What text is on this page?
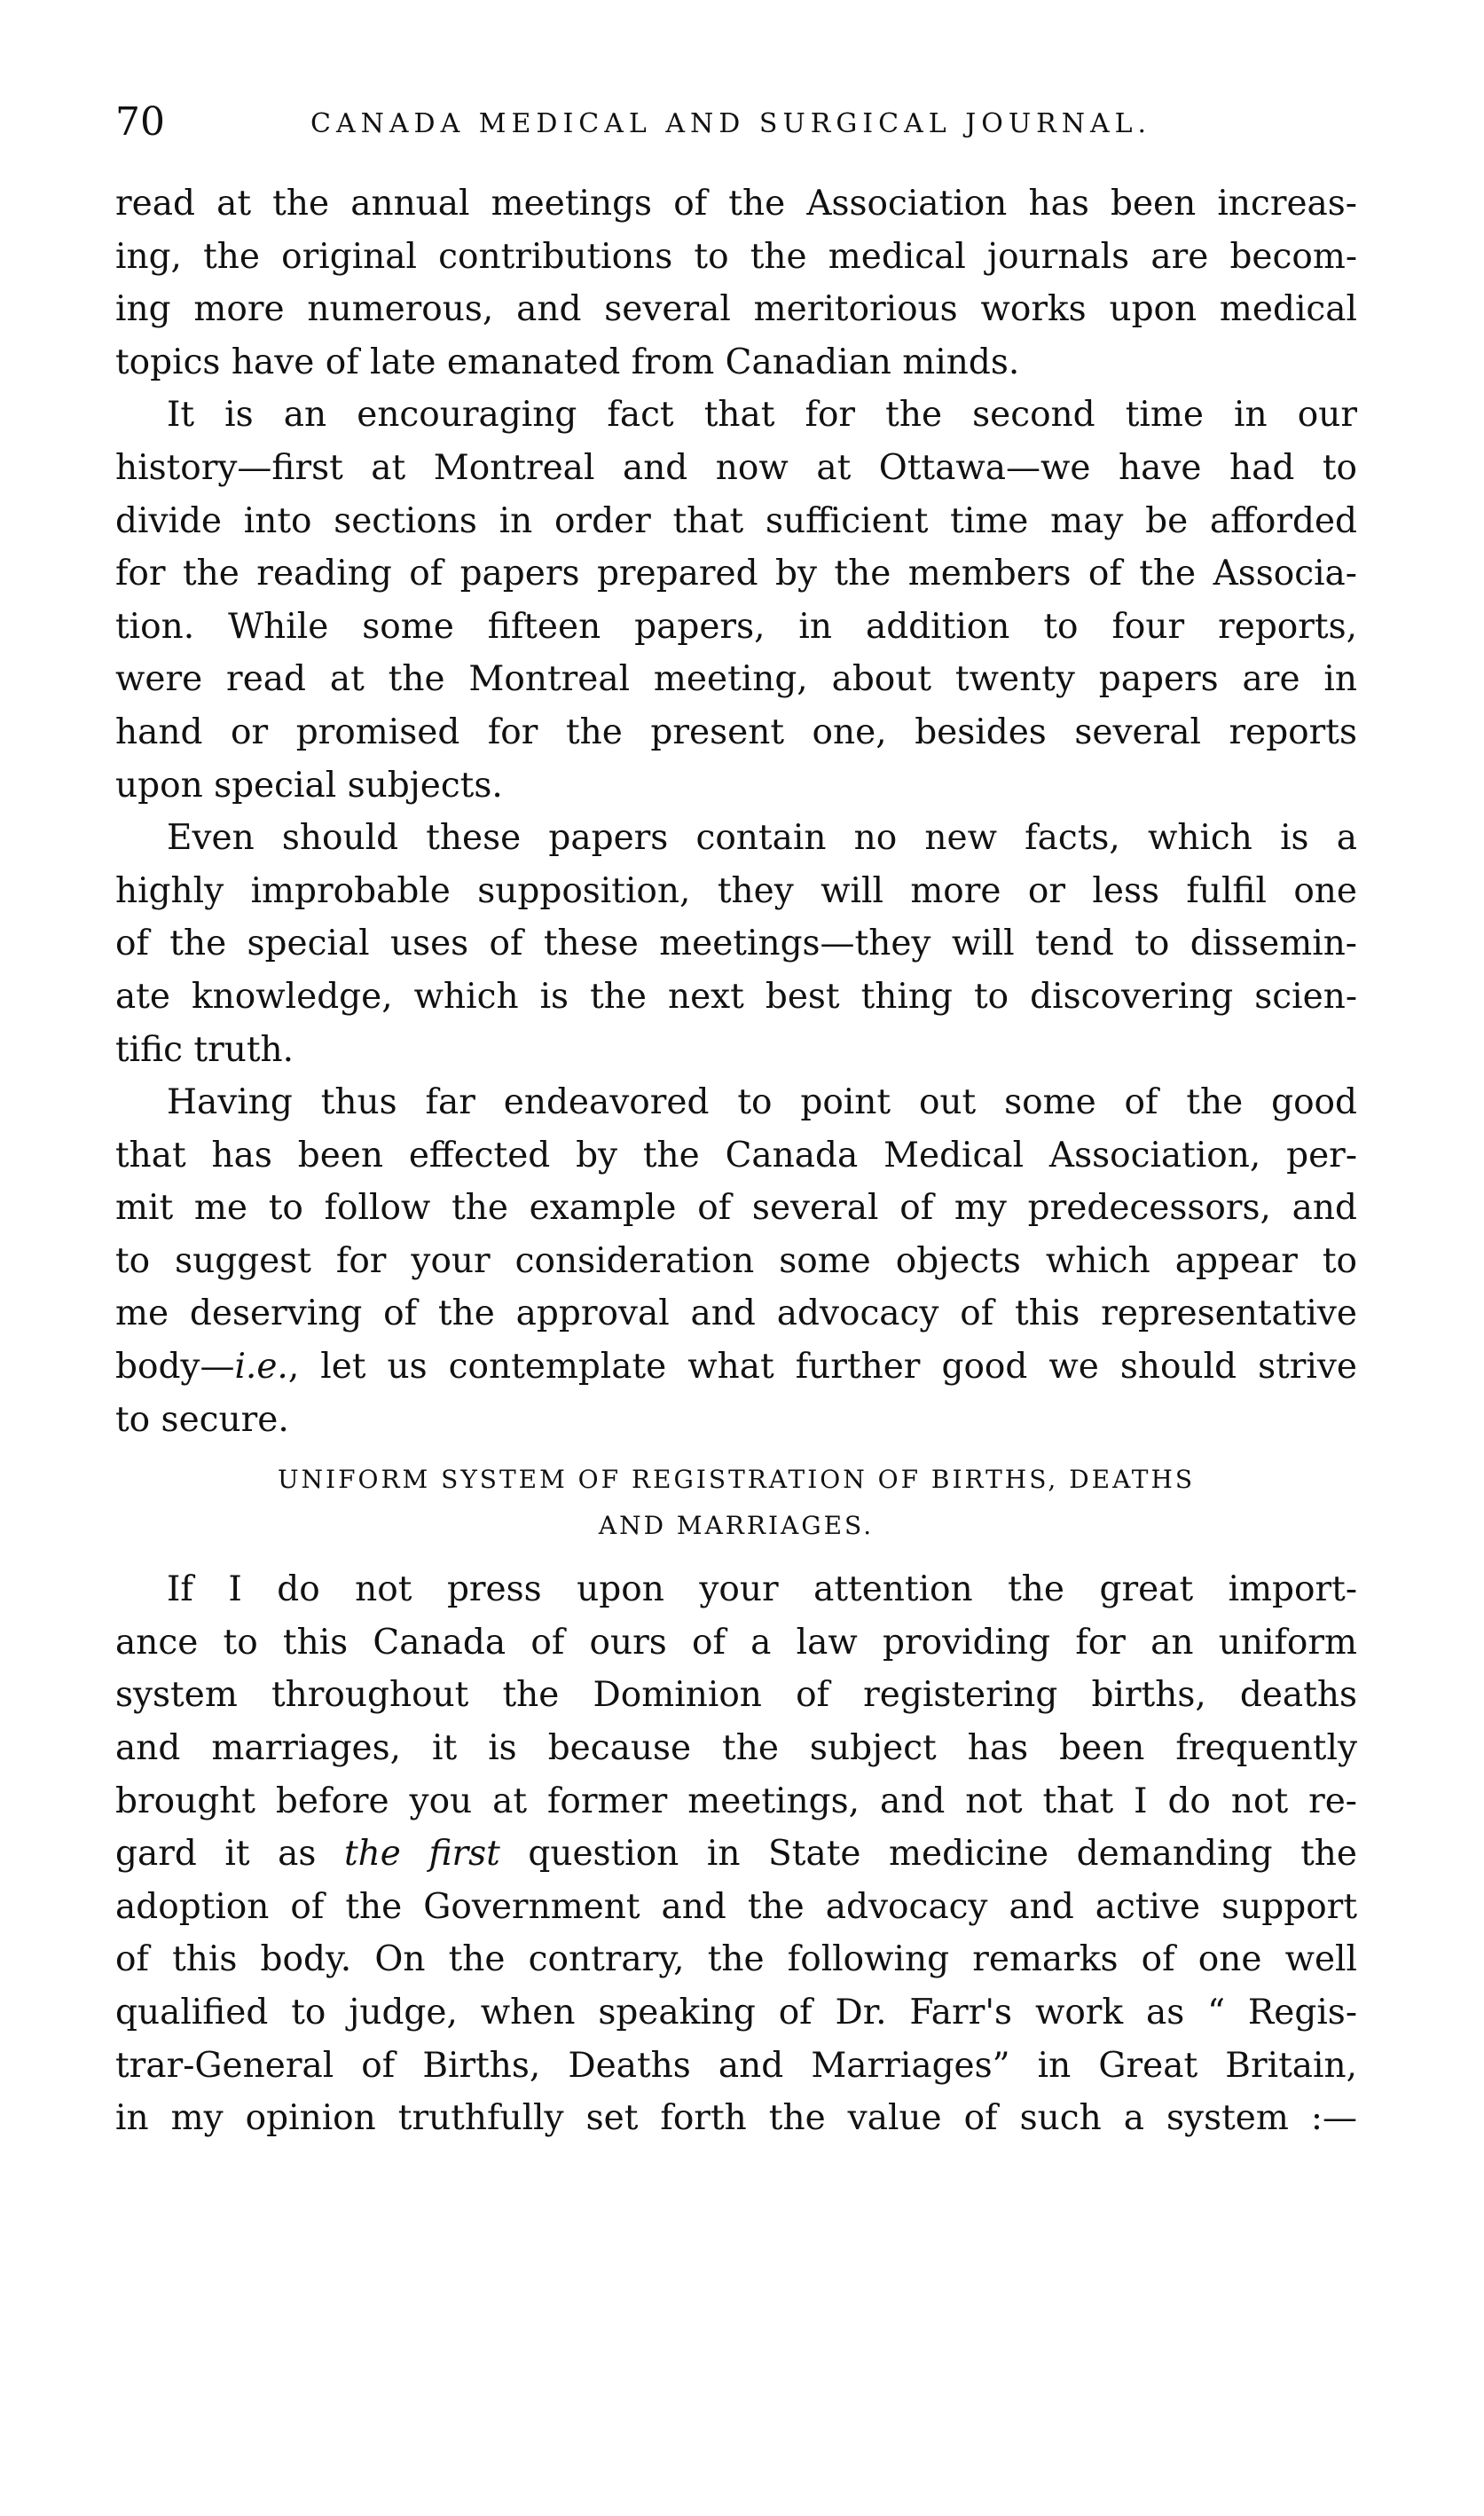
70	CANADA MEDICAL AND SURGICAL JOURNAL.
read at the annual meetings of the Association has been increas-
ing, the original contributions to the medical journals are becom-
ing more numerous, and several meritorious works upon medical
topics have of late emanated from Canadian minds.
It is an encouraging fact that for the second time in our
history—first at Montreal and now at Ottawa—we have had to
divide into sections in order that sufficient time may be afforded
for the reading of papers prepared by the members of the Associa-
tion. While some fifteen papers, in addition to four reports,
were read at the Montreal meeting, about twenty papers are in
hand or promised for the present one, besides several reports
upon special subjects.
Even should these papers contain no new facts, which is a
highly improbable supposition, they will more or less fulfil one
of the special uses of these meetings—they will tend to dissemin-
ate knowledge, which is the next best thing to discovering scien-
tific truth.
Having thus far endeavored to point out some of the good
that has been effected by the Canada Medical Association, per-
mit me to follow the example of several of my predecessors, and
to suggest for your consideration some objects which appear to
me deserving of the approval and advocacy of this representative
body—i.e., let us contemplate what further good we should strive
to secure.
UNIFORM SYSTEM OF REGISTRATION OF BIRTHS, DEATHS
AND MARRIAGES.
If I do not press upon your attention the great import-
ance to this Canada of ours of a law providing for an uniform
system throughout the Dominion of registering births, deaths
and marriages, it is because the subject has been frequently
brought before you at former meetings, and not that I do not re-
gard it as the first question in State medicine demanding the
adoption of the Government and the advocacy and active support
of this body. On the contrary, the following remarks of one well
qualified to judge, when speaking of Dr. Farr's work as “ Regis-
trar-General of Births, Deaths and Marriages” in Great Britain,
in my opinion truthfully set forth the value of such a system :—
